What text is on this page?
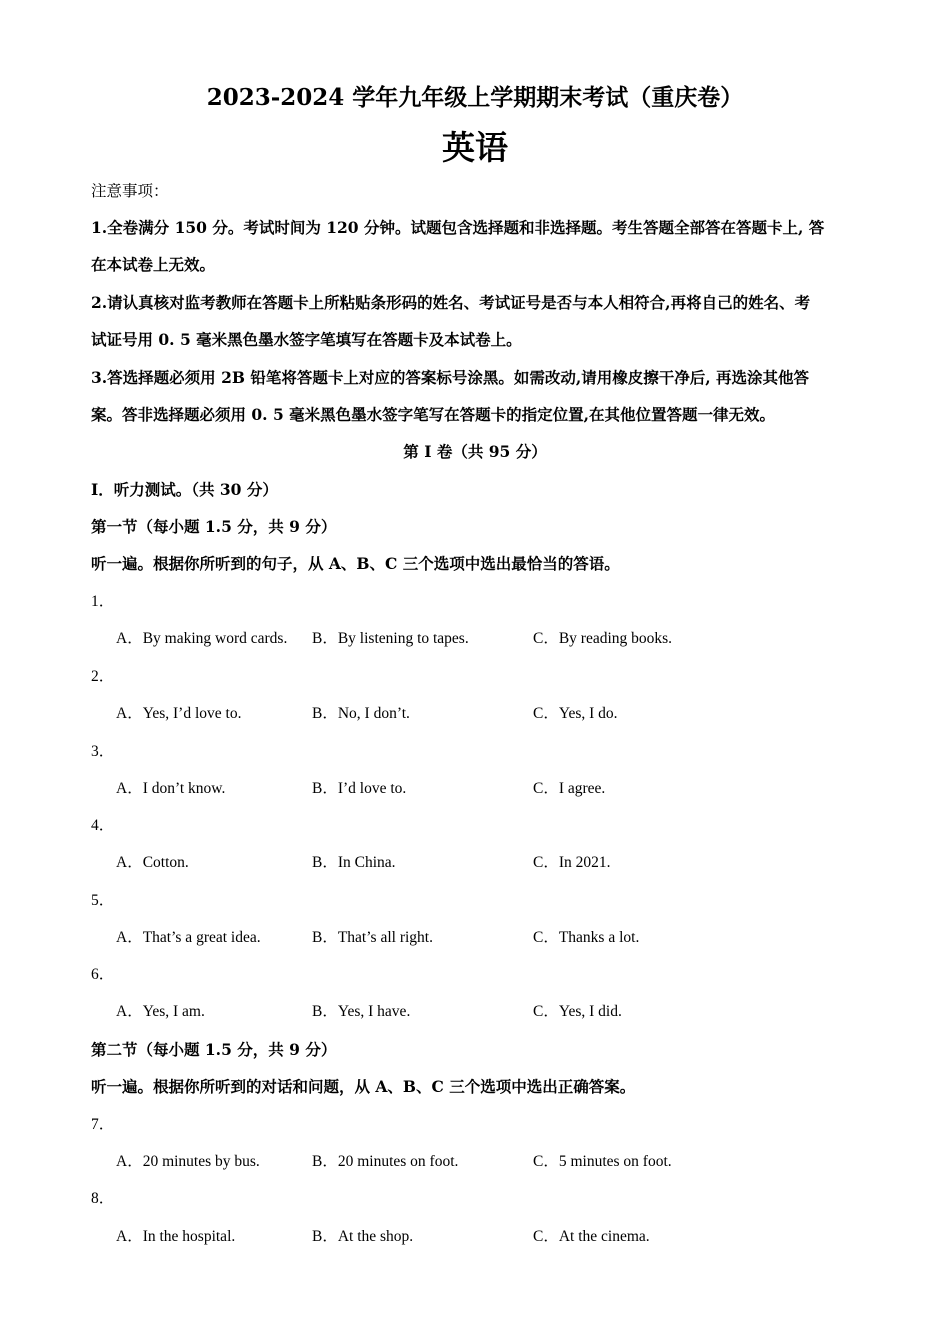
2023-2024 学年九年级上学期期末考试（重庆卷）
英语
注意事项：
1.全卷满分 150 分。考试时间为 120 分钟。试题包含选择题和非选择题。考生答题全部答在答题卡上, 答
在本试卷上无效。
2.请认真核对监考教师在答题卡上所粘贴条形码的姓名、考试证号是否与本人相符合,再将自己的姓名、考
试证号用 0. 5 毫米黑色墨水签字笔填写在答题卡及本试卷上。
3.答选择题必须用 2B 铅笔将答题卡上对应的答案标号涂黑。如需改动,请用橡皮擦干净后, 再选涂其他答
案。答非选择题必须用 0. 5 毫米黑色墨水签字笔写在答题卡的指定位置,在其他位置答题一律无效。
第 I 卷（共 95 分）
I．听力测试。（共 30 分）
第一节（每小题 1.5 分，共 9 分）
听一遍。根据你所听到的句子，从 A、B、C 三个选项中选出最恰当的答语。
1．
A．By making word cards. B．By listening to tapes.	C．By reading books.
2．
A．Yes, I’d love to.	B．No, I don’t.	C．Yes, I do.
3．
A．I don’t know.	B．I’d love to.	C．I agree.
4．
A．Cotton.	B．In China.	C．In 2021.
5．
A．That’s a great idea.	B．That’s all right.	C．Thanks a lot.
6．
A．Yes, I am.	B．Yes, I have.	C．Yes, I did.
第二节（每小题 1.5 分，共 9 分）
听一遍。根据你所听到的对话和问题，从 A、B、C 三个选项中选出正确答案。
7．
A．20 minutes by bus.	B．20 minutes on foot.	C．5 minutes on foot.
8．
A．In the hospital.	B．At the shop.	C．At the cinema.
